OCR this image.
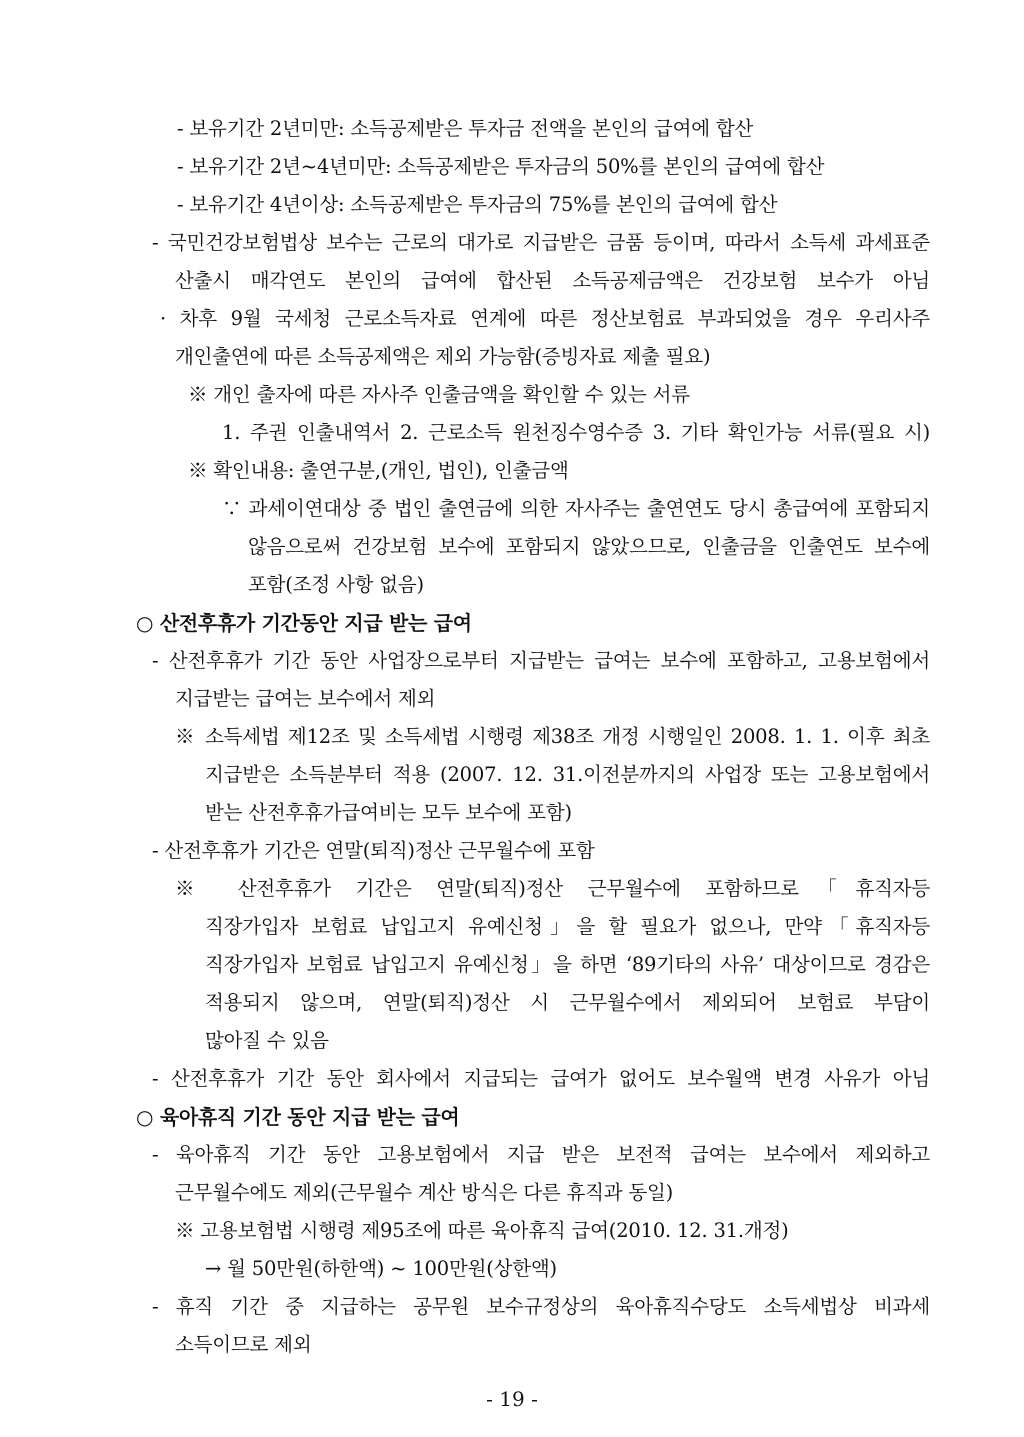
- 보유기간 2년미만: 소득공제받은 투자금 전액을 본인의 급여에 합산
- 보유기간 2년~4년미만: 소득공제받은 투자금의 50%를 본인의 급여에 합산
- 보유기간 4년이상: 소득공제받은 투자금의 75%를 본인의 급여에 합산
- 국민건강보험법상 보수는 근로의 대가로 지급받은 금품 등이며, 따라서 소득세 과세표준
산출시 매각연도 본인의 급여에 합산된 소득공제금액은 건강보험 보수가 아님
· 차후 9월 국세청 근로소득자료 연계에 따른 정산보험료 부과되었을 경우 우리사주
개인출연에 따른 소득공제액은 제외 가능함(증빙자료 제출 필요)
※ 개인 출자에 따른 자사주 인출금액을 확인할 수 있는 서류
1. 주권 인출내역서 2. 근로소득 원천징수영수증 3. 기타 확인가능 서류(필요 시)
※ 확인내용: 출연구분,(개인, 법인), 인출금액
∵ 과세이연대상 중 법인 출연금에 의한 자사주는 출연연도 당시 총급여에 포함되지
않음으로써 건강보험 보수에 포함되지 않았으므로, 인출금을 인출연도 보수에
포함(조정 사항 없음)
○ 산전후휴가 기간동안 지급 받는 급여
- 산전후휴가 기간 동안 사업장으로부터 지급받는 급여는 보수에 포함하고, 고용보험에서
지급받는 급여는 보수에서 제외
※ 소득세법 제12조 및 소득세법 시행령 제38조 개정 시행일인 2008. 1. 1. 이후 최초
지급받은 소득분부터 적용 (2007. 12. 31.이전분까지의 사업장 또는 고용보험에서
받는 산전후휴가급여비는 모두 보수에 포함)
- 산전후휴가 기간은 연말(퇴직)정산 근무월수에 포함
※ 산전후휴가 기간은 연말(퇴직)정산 근무월수에 포함하므로「휴직자등
직장가입자 보험료 납입고지 유예신청」을 할 필요가 없으나, 만약「휴직자등
직장가입자 보험료 납입고지 유예신청」을 하면 ‘89기타의 사유’ 대상이므로 경감은
적용되지 않으며, 연말(퇴직)정산 시 근무월수에서 제외되어 보험료 부담이
많아질 수 있음
- 산전후휴가 기간 동안 회사에서 지급되는 급여가 없어도 보수월액 변경 사유가 아님
○ 육아휴직 기간 동안 지급 받는 급여
- 육아휴직 기간 동안 고용보험에서 지급 받은 보전적 급여는 보수에서 제외하고
근무월수에도 제외(근무월수 계산 방식은 다른 휴직과 동일)
※ 고용보험법 시행령 제95조에 따른 육아휴직 급여(2010. 12. 31.개정)
→ 월 50만원(하한액) ~ 100만원(상한액)
- 휴직 기간 중 지급하는 공무원 보수규정상의 육아휴직수당도 소득세법상 비과세
소득이므로 제외
- 19 -
